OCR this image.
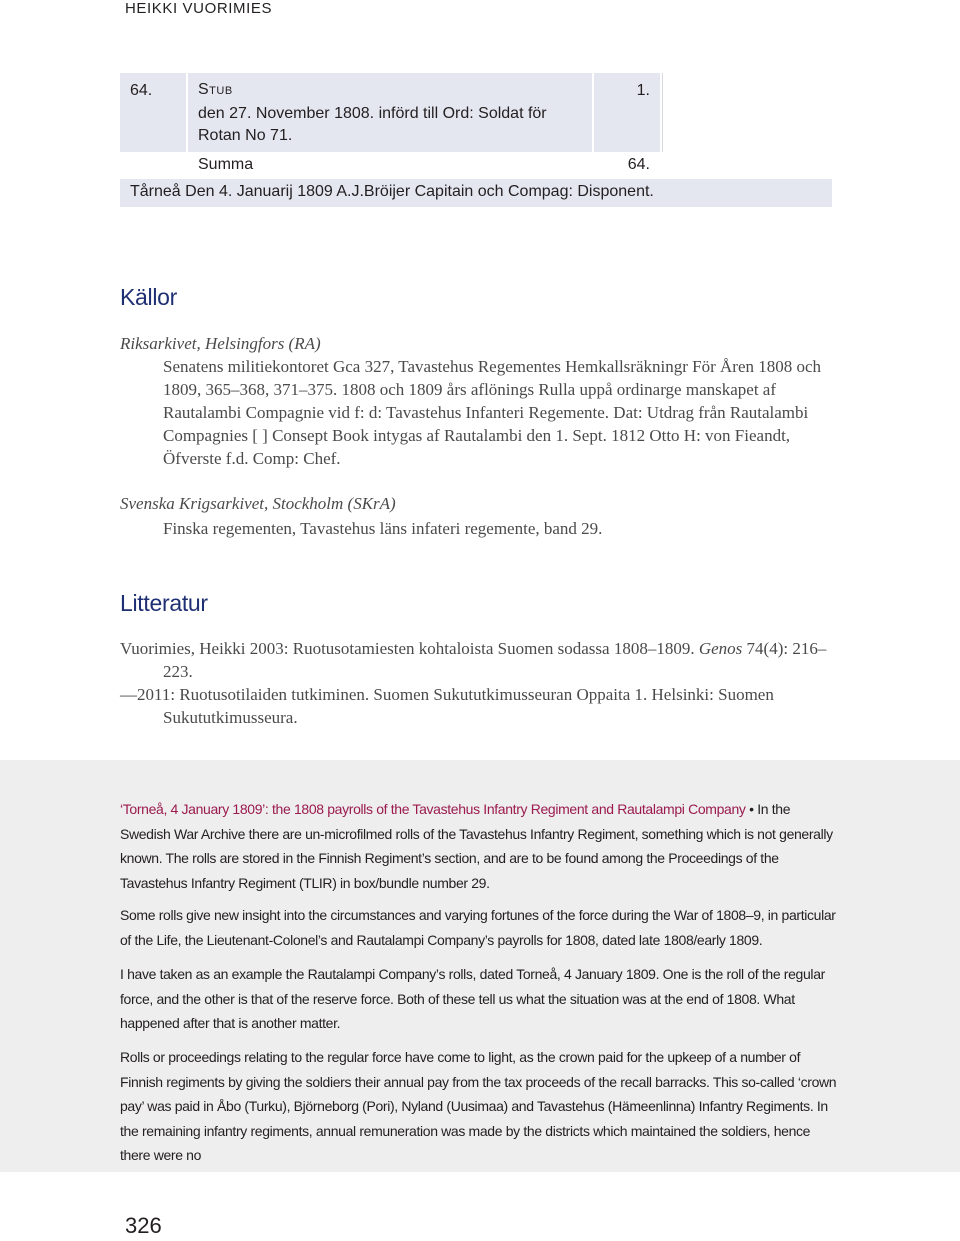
HEIKKI VUORIMIES
64.	Stub
den 27. November 1808. införd till Ord: Soldat för Rotan No 71.
1.
Summa	64.
Tårneå Den 4. Januarij 1809 A.J.Bröijer Capitain och Compag: Disponent.
Källor
Riksarkivet, Helsingfors (RA)
Senatens militiekontoret Gca 327, Tavastehus Regementes Hemkallsräkningr För Åren 1808 och 1809, 365–368, 371–375. 1808 och 1809 års aflönings Rulla uppå ordinarge manskapet af Rautalambi Compagnie vid f: d: Tavastehus Infanteri Regemente. Dat: Utdrag från Rautalambi Compagnies [ ] Consept Book intygas af Rautalambi den 1. Sept. 1812 Otto H: von Fieandt, Öfverste f.d. Comp: Chef.
Svenska Krigsarkivet, Stockholm (SKrA)
Finska regementen, Tavastehus läns infateri regemente, band 29.
Litteratur
Vuorimies, Heikki 2003: Ruotusotamiesten kohtaloista Suomen sodassa 1808–1809. Genos 74(4): 216–223.
—2011: Ruotusotilaiden tutkiminen. Suomen Sukututkimusseuran Oppaita 1. Helsinki: Suomen Sukututkimusseura.
‘Torneå, 4 January 1809’: the 1808 payrolls of the Tavastehus Infantry Regiment and Rautalampi Company • In the Swedish War Archive there are un-microfilmed rolls of the Tavastehus Infantry Regiment, something which is not generally known. The rolls are stored in the Finnish Regiment’s section, and are to be found among the Proceedings of the Tavastehus Infantry Regiment (TLIR) in box/bundle number 29.
Some rolls give new insight into the circumstances and varying fortunes of the force during the War of 1808–9, in particular of the Life, the Lieutenant-Colonel’s and Rautalampi Company’s payrolls for 1808, dated late 1808/early 1809.
I have taken as an example the Rautalampi Company’s rolls, dated Torneå, 4 January 1809. One is the roll of the regular force, and the other is that of the reserve force. Both of these tell us what the situation was at the end of 1808. What happened after that is another matter.
Rolls or proceedings relating to the regular force have come to light, as the crown paid for the upkeep of a number of Finnish regiments by giving the soldiers their annual pay from the tax proceeds of the recall barracks. This so-called ‘crown pay’ was paid in Åbo (Turku), Björneborg (Pori), Nyland (Uusimaa) and Tavastehus (Hämeenlinna) Infantry Regiments. In the remaining infantry regiments, annual remuneration was made by the districts which maintained the soldiers, hence there were no
326
